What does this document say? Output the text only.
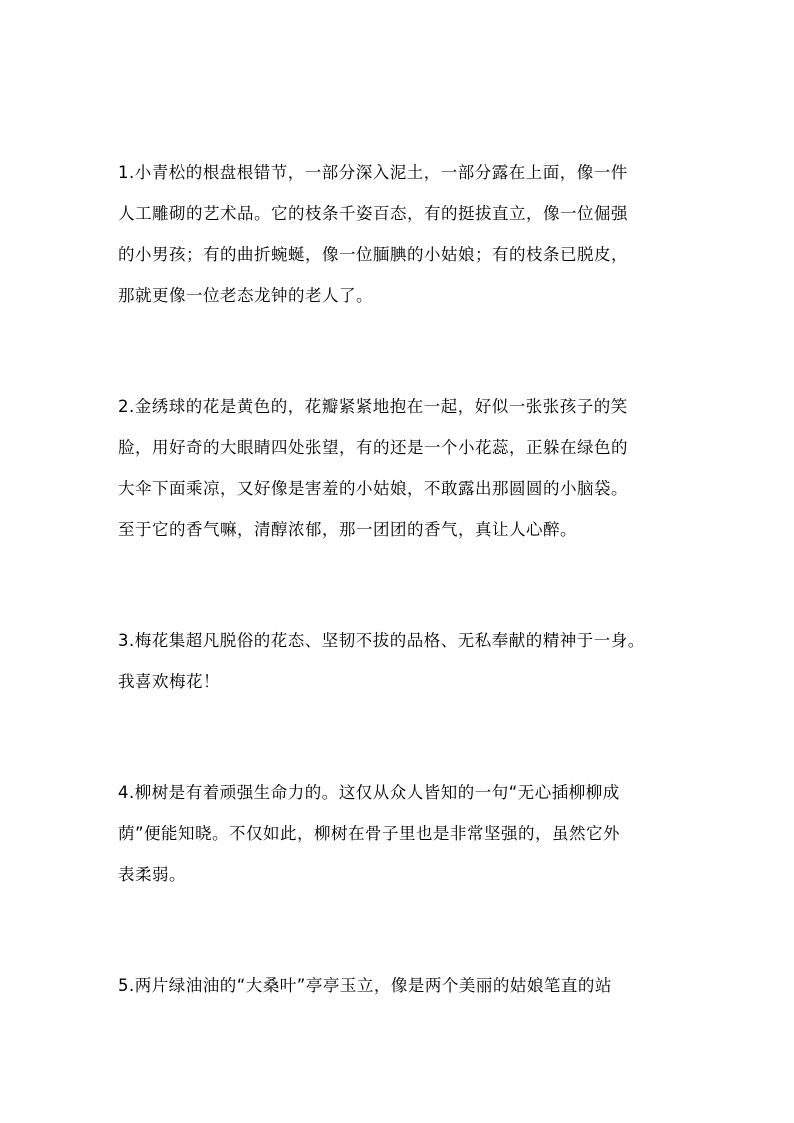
1.小青松的根盘根错节，一部分深入泥土，一部分露在上面，像一件
人工雕砌的艺术品。它的枝条千姿百态，有的挺拔直立，像一位倔强
的小男孩；有的曲折蜿蜒，像一位腼腆的小姑娘；有的枝条已脱皮，
那就更像一位老态龙钟的老人了。
2.金绣球的花是黄色的，花瓣紧紧地抱在一起，好似一张张孩子的笑
脸，用好奇的大眼睛四处张望，有的还是一个小花蕊，正躲在绿色的
大伞下面乘凉，又好像是害羞的小姑娘，不敢露出那圆圆的小脑袋。
至于它的香气嘛，清醇浓郁，那一团团的香气，真让人心醉。
3.梅花集超凡脱俗的花态、坚韧不拔的品格、无私奉献的精神于一身。
我喜欢梅花！
4.柳树是有着顽强生命力的。这仅从众人皆知的一句“无心插柳柳成
荫”便能知晓。不仅如此，柳树在骨子里也是非常坚强的，虽然它外
表柔弱。
5.两片绿油油的“大桑叶”亭亭玉立，像是两个美丽的姑娘笔直的站
